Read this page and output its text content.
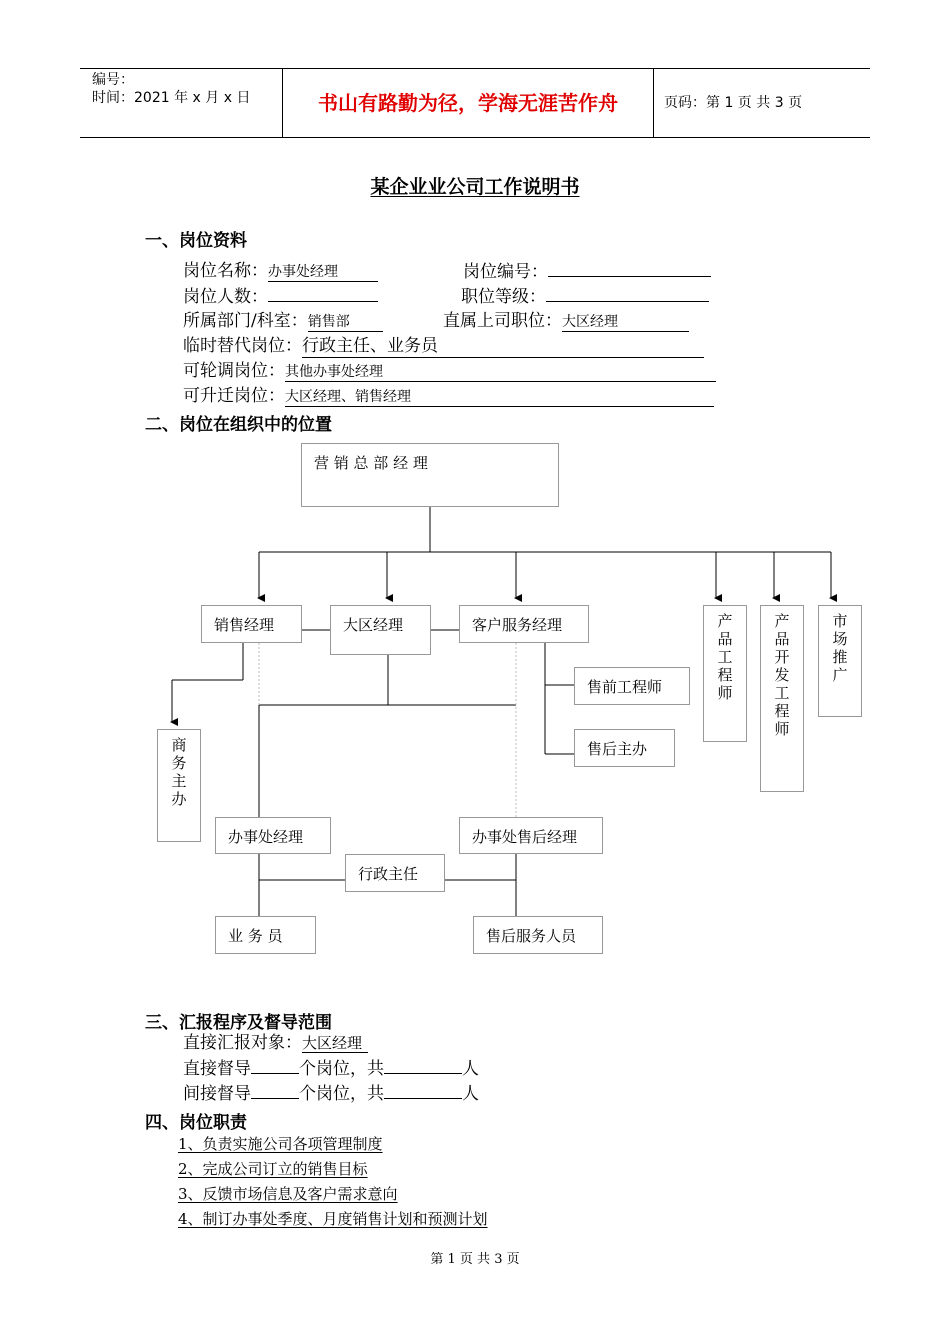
编号：
时间：2021 年 x 月 x 日	书山有路勤为径，学海无涯苦作舟	页码：第 1 页 共 3 页
某企业业公司工作说明书
一、岗位资料
岗位名称：办事处经理	岗位编号：
岗位人数：	职位等级：
所属部门/科室：销售部	直属上司职位：大区经理
临时替代岗位：行政主任、业务员
可轮调岗位：其他办事处经理
可升迁岗位：大区经理、销售经理
二、岗位在组织中的位置
营 销 总 部 经 理
销售经理	大区经理	客户服务经理	产品工程师
产品开发工程师
市场推广
售前工程师
售后主办
商务主办
办事处经理	办事处售后经理
行政主任
业 务 员	售后服务人员
三、汇报程序及督导范围
直接汇报对象：大区经理
直接督导	个岗位，共	人
间接督导	个岗位，共	人
四、岗位职责
1、负责实施公司各项管理制度
2、完成公司订立的销售目标
3、反馈市场信息及客户需求意向
4、制订办事处季度、月度销售计划和预测计划
第 1 页 共 3 页
